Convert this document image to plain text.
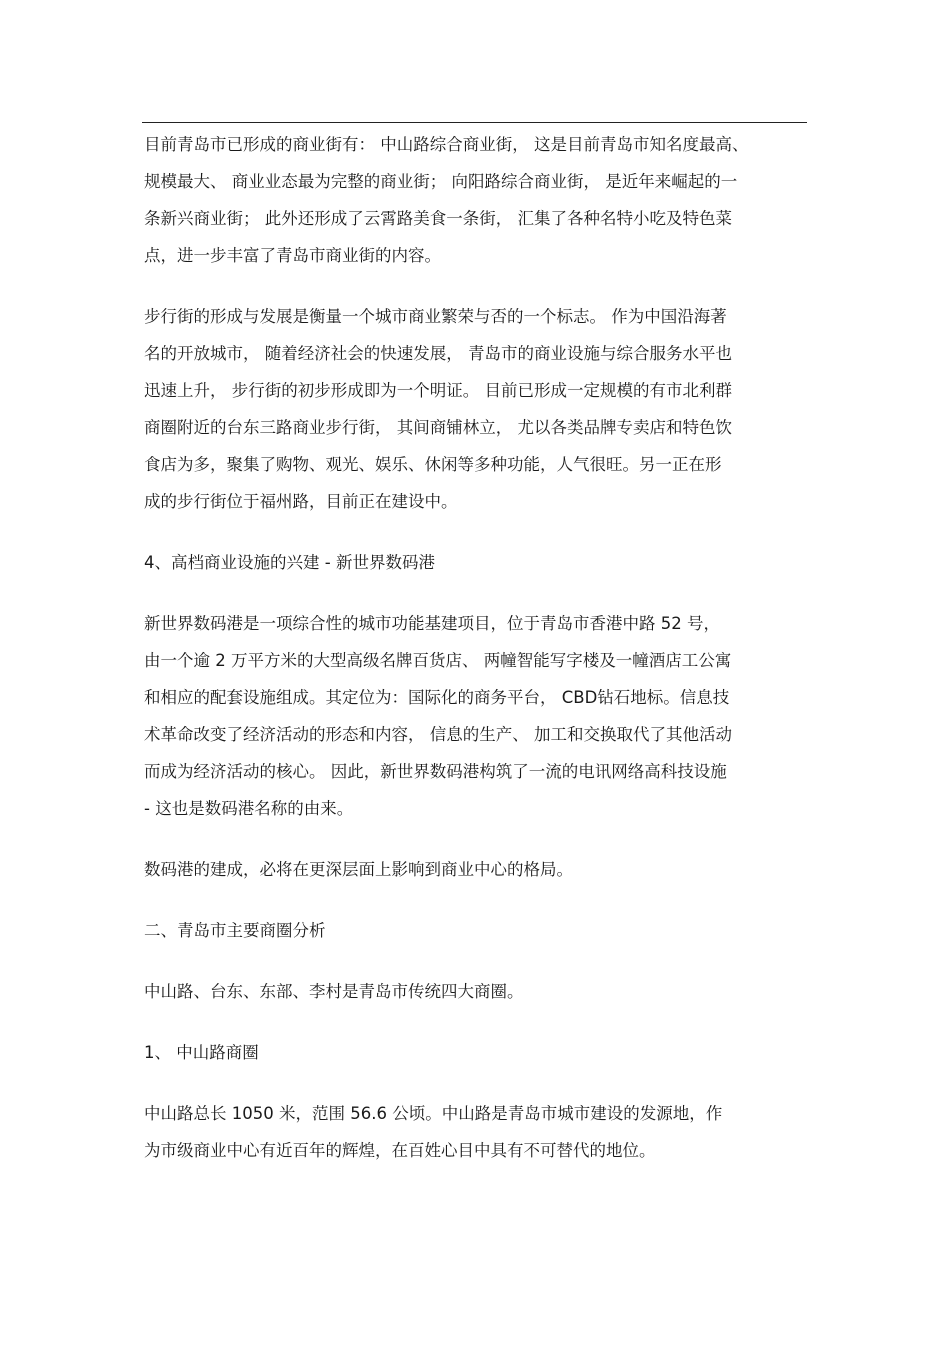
目前青岛市已形成的商业街有： 中山路综合商业街， 这是目前青岛市知名度最高、
规模最大、 商业业态最为完整的商业街； 向阳路综合商业街， 是近年来崛起的一
条新兴商业街； 此外还形成了云霄路美食一条街， 汇集了各种名特小吃及特色菜
点，进一步丰富了青岛市商业街的内容。

步行街的形成与发展是衡量一个城市商业繁荣与否的一个标志。 作为中国沿海著
名的开放城市， 随着经济社会的快速发展， 青岛市的商业设施与综合服务水平也
迅速上升， 步行街的初步形成即为一个明证。 目前已形成一定规模的有市北利群
商圈附近的台东三路商业步行街， 其间商铺林立， 尤以各类品牌专卖店和特色饮
食店为多，聚集了购物、观光、娱乐、休闲等多种功能，人气很旺。另一正在形
成的步行街位于福州路，目前正在建设中。

4、高档商业设施的兴建 - 新世界数码港

新世界数码港是一项综合性的城市功能基建项目，位于青岛市香港中路 52 号，
由一个逾 2 万平方米的大型高级名牌百货店、 两幢智能写字楼及一幢酒店工公寓
和相应的配套设施组成。其定位为：国际化的商务平台， CBD钻石地标。信息技
术革命改变了经济活动的形态和内容， 信息的生产、 加工和交换取代了其他活动
而成为经济活动的核心。 因此，新世界数码港构筑了一流的电讯网络高科技设施
- 这也是数码港名称的由来。

数码港的建成，必将在更深层面上影响到商业中心的格局。

二、青岛市主要商圈分析

中山路、台东、东部、李村是青岛市传统四大商圈。

1、 中山路商圈

中山路总长 1050 米，范围 56.6 公顷。中山路是青岛市城市建设的发源地，作
为市级商业中心有近百年的辉煌，在百姓心目中具有不可替代的地位。
